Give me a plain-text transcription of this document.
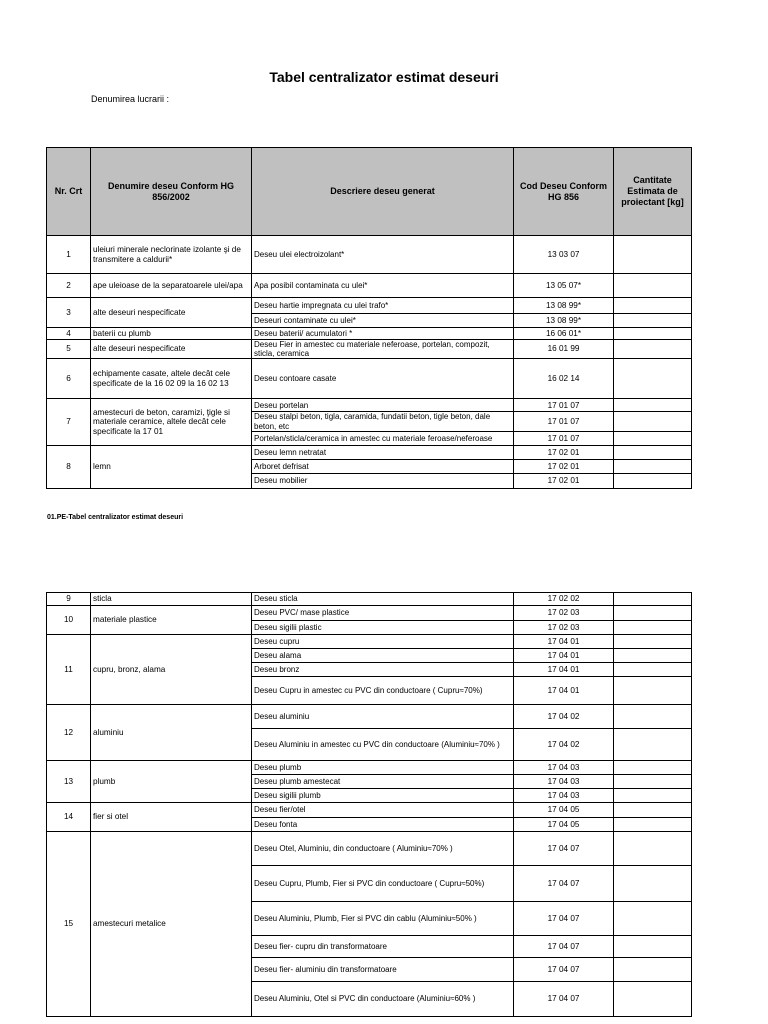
Tabel centralizator estimat deseuri
Denumirea lucrarii :
Nr. Crt	Denumire deseu Conform HG 856/2002	Descriere deseu generat	Cod Deseu Conform HG 856	Cantitate Estimata de proiectant [kg]
1	uleiuri minerale neclorinate izolante şi de transmitere a caldurii*	Deseu ulei electroizolant*	13 03 07	
2	ape uleioase de la separatoarele ulei/apa	Apa posibil contaminata cu ulei*	13 05 07*	
3	alte deseuri nespecificate	Deseu hartie impregnata cu ulei trafo*	13 08 99*	
		Deseuri contaminate cu ulei*	13 08 99*	
4	baterii cu plumb	Deseu baterii/ acumulatori *	16 06 01*	
5	alte deseuri nespecificate	Deseu Fier in amestec cu materiale neferoase, portelan, compozit, sticla, ceramica	16 01 99	
6	echipamente casate, altele decât cele specificate de la 16 02 09 la 16 02 13	Deseu contoare casate	16 02 14	
7	amestecuri de beton, caramizi, ţigle si materiale ceramice, altele decât cele specificate la 17 01	Deseu portelan	17 01 07	
		Deseu stalpi beton, tigla, caramida, fundatii beton, tigle beton, dale beton, etc	17 01 07	
		Portelan/sticla/ceramica in amestec cu materiale feroase/neferoase	17 01 07	
8	lemn	Deseu lemn netratat	17 02 01	
		Arboret defrisat	17 02 01	
		Deseu mobilier	17 02 01	
01.PE-Tabel centralizator estimat deseuri
9	sticla	Deseu sticla	17 02 02	
10	materiale plastice	Deseu PVC/ mase plastice	17 02 03	
		Deseu sigilii plastic	17 02 03	
11	cupru, bronz, alama	Deseu cupru	17 04 01	
		Deseu alama	17 04 01	
		Deseu bronz	17 04 01	
		Deseu Cupru in amestec cu PVC din conductoare ( Cupru≈70%)	17 04 01	
12	aluminiu	Deseu aluminiu	17 04 02	
		Deseu Aluminiu in amestec cu PVC din conductoare (Aluminiu≈70% )	17 04 02	
13	plumb	Deseu plumb	17 04 03	
		Deseu plumb amestecat	17 04 03	
		Deseu sigilii plumb	17 04 03	
14	fier si otel	Deseu fier/otel	17 04 05	
		Deseu fonta	17 04 05	
15	amestecuri metalice	Deseu Otel, Aluminiu, din conductoare ( Aluminiu≈70% )	17 04 07	
		Deseu Cupru, Plumb, Fier si PVC din conductoare ( Cupru≈50%)	17 04 07	
		Deseu Aluminiu, Plumb, Fier si PVC din cablu (Aluminiu≈50% )	17 04 07	
		Deseu fier- cupru din transformatoare	17 04 07	
		Deseu fier- aluminiu din transformatoare	17 04 07	
		Deseu Aluminiu, Otel si PVC din conductoare (Aluminiu≈60% )	17 04 07	
